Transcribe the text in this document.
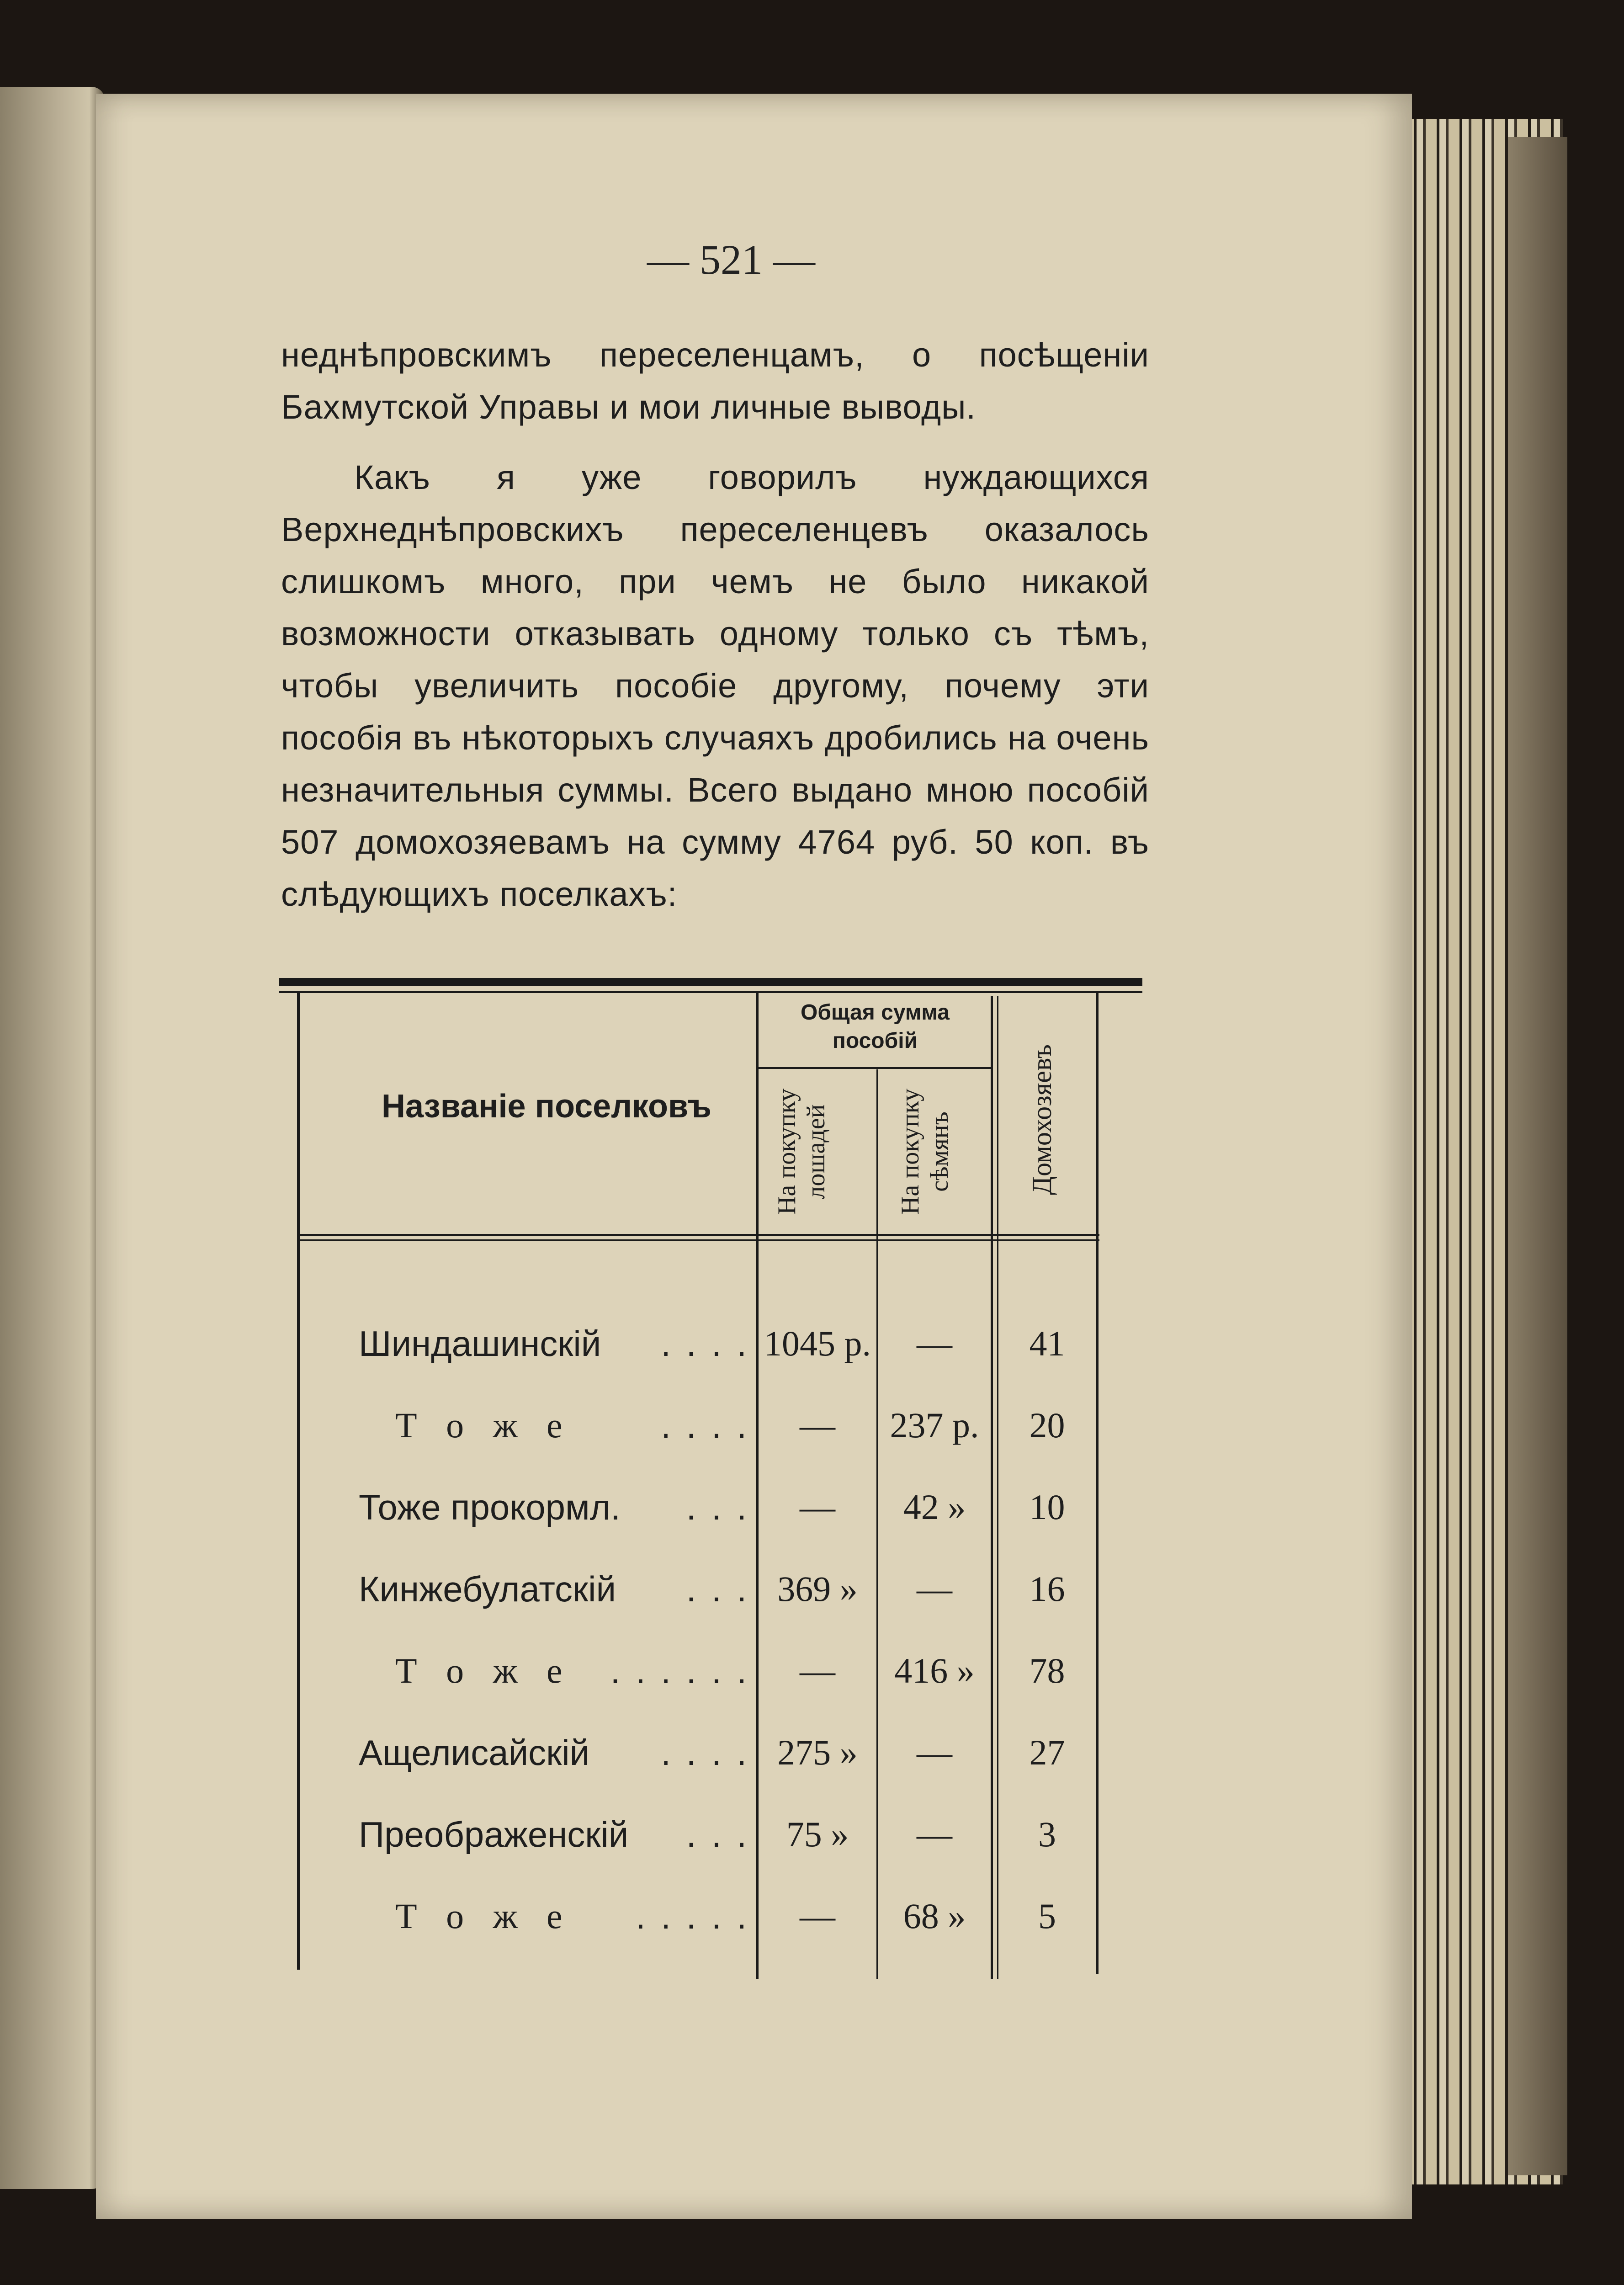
— 521 —

неднѣпровскимъ переселенцамъ, о посѣщеніи Бахмутской Управы и мои личные выводы.

Какъ я уже говорилъ нуждающихся Верхнеднѣпровскихъ переселенцевъ оказалось слишкомъ много, при чемъ не было никакой возможности отказывать одному только съ тѣмъ, чтобы увеличить пособіе другому, почему эти пособія въ нѣкоторыхъ случаяхъ дробились на очень незначительныя суммы. Всего выдано мною пособій 507 домохозяевамъ на сумму 4764 руб. 50 коп. въ слѣдующихъ поселкахъ:

Названіе поселковъ
Общая сумма пособій
На покупку лошадей	На покупку сѣмянъ	Домохозяевъ
Шиндашинскій	. . . . 1045 р.	—	41
Т о ж е	. . . .	—	237 р.	20
Тоже прокормл.	. . .	—	42 »	10
Кинжебулатскій	. . . 369 »	—	16
Т о ж е . . . . . .	—	416 »	78
Ащелисайскій	. . . . 275 »	—	27
Преображенскій	. . .	75 »	—	3
Т о ж е	. . . . .	—	68 »	5
